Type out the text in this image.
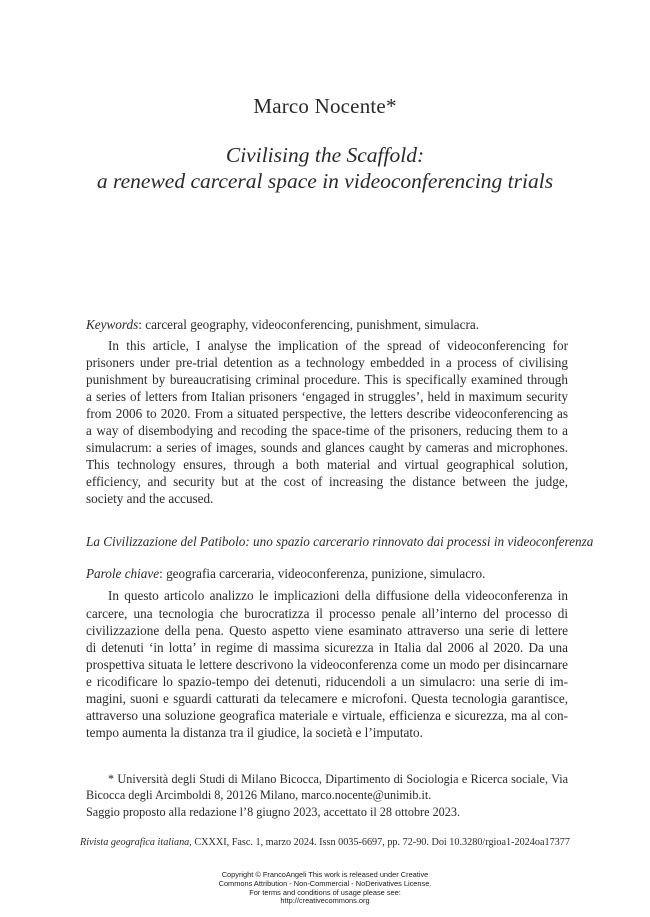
Marco Nocente*
Civilising the Scaffold:
a renewed carceral space in videoconferencing trials
Keywords: carceral geography, videoconferencing, punishment, simulacra.
In this article, I analyse the implication of the spread of videoconferencing for
prisoners under pre-trial detention as a technology embedded in a process of civilising
punishment by bureaucratising criminal procedure. This is specifically examined through
a series of letters from Italian prisoners ‘engaged in struggles’, held in maximum security
from 2006 to 2020. From a situated perspective, the letters describe videoconferencing as
a way of disembodying and recoding the space-time of the prisoners, reducing them to a
simulacrum: a series of images, sounds and glances caught by cameras and microphones.
This technology ensures, through a both material and virtual geographical solution,
efficiency, and security but at the cost of increasing the distance between the judge,
society and the accused.
La Civilizzazione del Patibolo: uno spazio carcerario rinnovato dai processi in videoconferenza
Parole chiave: geografia carceraria, videoconferenza, punizione, simulacro.
In questo articolo analizzo le implicazioni della diffusione della videoconferenza in
carcere, una tecnologia che burocratizza il processo penale all’interno del processo di
civilizzazione della pena. Questo aspetto viene esaminato attraverso una serie di lettere
di detenuti ‘in lotta’ in regime di massima sicurezza in Italia dal 2006 al 2020. Da una
prospettiva situata le lettere descrivono la videoconferenza come un modo per disincarnare
e ricodificare lo spazio-tempo dei detenuti, riducendoli a un simulacro: una serie di im-
magini, suoni e sguardi catturati da telecamere e microfoni. Questa tecnologia garantisce,
attraverso una soluzione geografica materiale e virtuale, efficienza e sicurezza, ma al con-
tempo aumenta la distanza tra il giudice, la società e l’imputato.
* Università degli Studi di Milano Bicocca, Dipartimento di Sociologia e Ricerca sociale, Via
Bicocca degli Arcimboldi 8, 20126 Milano, marco.nocente@unimib.it.
Saggio proposto alla redazione l’8 giugno 2023, accettato il 28 ottobre 2023.
Rivista geografica italiana, CXXXI, Fasc. 1, marzo 2024. Issn 0035-6697, pp. 72-90. Doi 10.3280/rgioa1-2024oa17377
Copyright © FrancoAngeli This work is released under Creative
Commons Attribution - Non-Commercial - NoDerivatives License.
For terms and conditions of usage please see:
http://creativecommons.org
